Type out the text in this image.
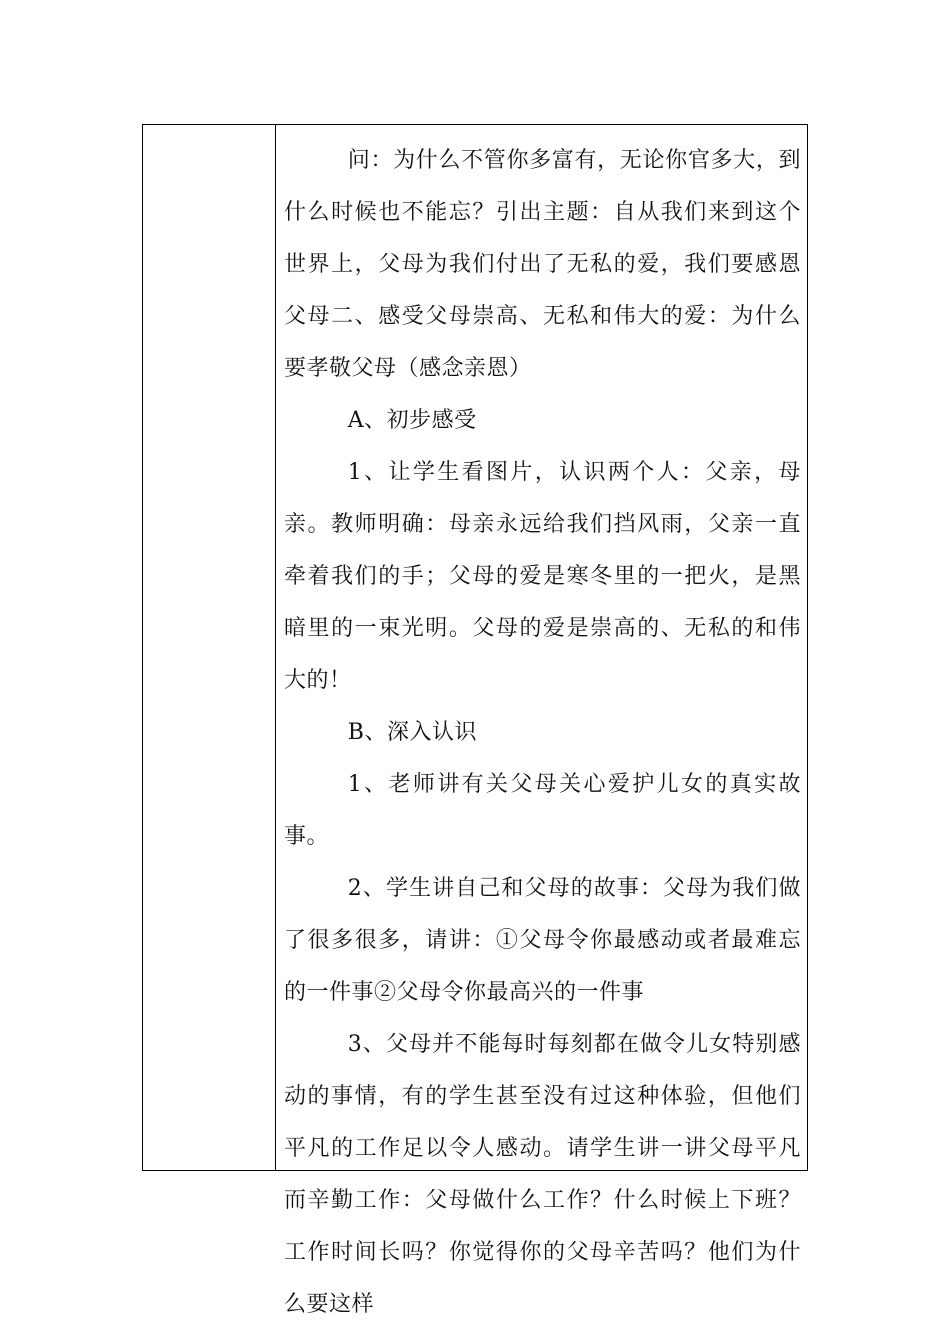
问：为什么不管你多富有，无论你官多大，到什么时候也不能忘？引出主题：自从我们来到这个世界上，父母为我们付出了无私的爱，我们要感恩父母二、感受父母崇高、无私和伟大的爱：为什么要孝敬父母（感念亲恩）

A、初步感受

1、让学生看图片，认识两个人：父亲，母亲。教师明确：母亲永远给我们挡风雨，父亲一直牵着我们的手；父母的爱是寒冬里的一把火，是黑暗里的一束光明。父母的爱是崇高的、无私的和伟大的！

B、深入认识

1、老师讲有关父母关心爱护儿女的真实故事。

2、学生讲自己和父母的故事：父母为我们做了很多很多，请讲：①父母令你最感动或者最难忘的一件事②父母令你最高兴的一件事

3、父母并不能每时每刻都在做令儿女特别感动的事情，有的学生甚至没有过这种体验，但他们平凡的工作足以令人感动。请学生讲一讲父母平凡而辛勤工作：父母做什么工作？什么时候上下班？工作时间长吗？你觉得你的父母辛苦吗？他们为什么要这样
